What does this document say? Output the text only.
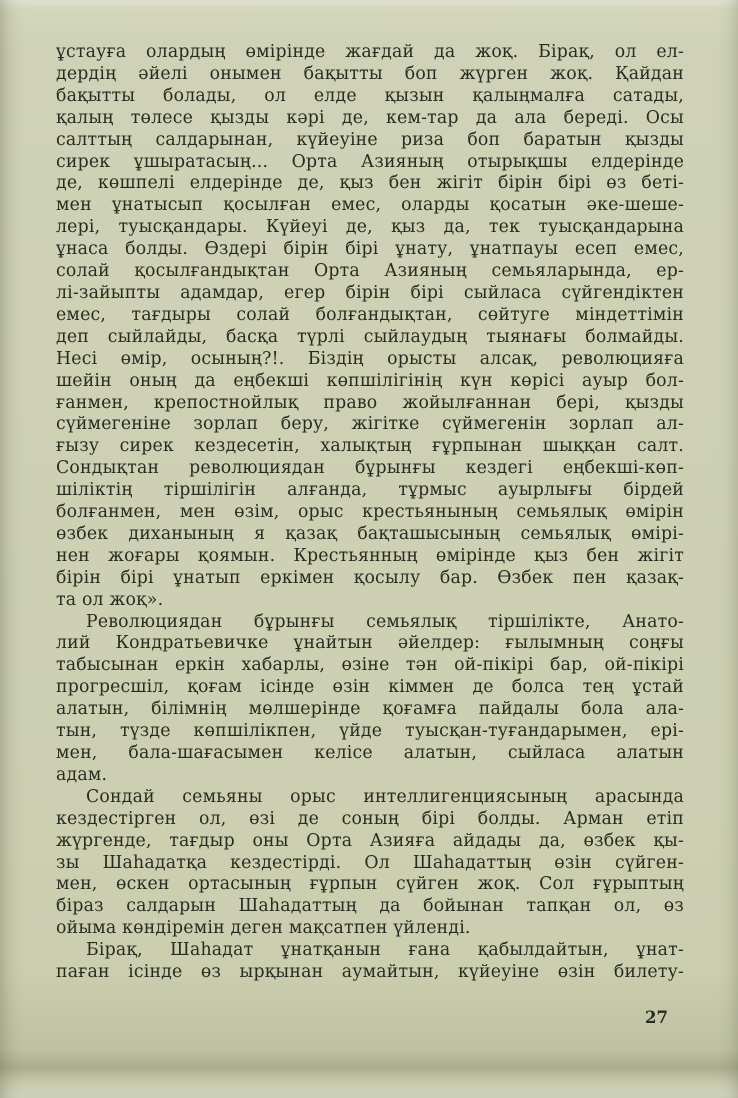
ұстауға олардың өмірінде жағдай да жоқ. Бірақ, ол ел-
дердің әйелі онымен бақытты боп жүрген жоқ. Қайдан
бақытты болады, ол елде қызын қалыңмалға сатады,
қалың төлесе қызды кәрі де, кем-тар да ала береді. Осы
салттың салдарынан, күйеуіне риза боп баратын қызды
сирек ұшыратасың... Орта Азияның отырықшы елдерінде
де, көшпелі елдерінде де, қыз бен жігіт бірін бірі өз беті-
мен ұнатысып қосылған емес, оларды қосатын әке-шеше-
лері, туысқандары. Күйеуі де, қыз да, тек туысқандарына
ұнаса болды. Өздері бірін бірі ұнату, ұнатпауы есеп емес,
солай қосылғандықтан Орта Азияның семьяларында, ер-
лі-зайыпты адамдар, егер бірін бірі сыйласа сүйгендіктен
емес, тағдыры солай болғандықтан, сөйтуге міндеттімін
деп сыйлайды, басқа түрлі сыйлаудың тыянағы болмайды.
Несі өмір, осының?!. Біздің орысты алсақ, революцияға
шейін оның да еңбекші көпшілігінің күн көрісі ауыр бол-
ғанмен, крепостнойлық право жойылғаннан бері, қызды
сүймегеніне зорлап беру, жігітке сүймегенін зорлап ал-
ғызу сирек кездесетін, халықтың ғұрпынан шыққан салт.
Сондықтан революциядан бұрынғы кездегі еңбекші-көп-
шіліктің тіршілігін алғанда, тұрмыс ауырлығы бірдей
болғанмен, мен өзім, орыс крестьянының семьялық өмірін
өзбек диханының я қазақ бақташысының семьялық өмірі-
нен жоғары қоямын. Крестьянның өмірінде қыз бен жігіт
бірін бірі ұнатып еркімен қосылу бар. Өзбек пен қазақ-
та ол жоқ».
Революциядан бұрынғы семьялық тіршілікте, Анато-
лий Кондратьевичке ұнайтын әйелдер: ғылымның соңғы
табысынан еркін хабарлы, өзіне тән ой-пікірі бар, ой-пікірі
прогресшіл, қоғам ісінде өзін кіммен де болса тең ұстай
алатын, білімнің мөлшерінде қоғамға пайдалы бола ала-
тын, түзде көпшілікпен, үйде туысқан-туғандарымен, ері-
мен, бала-шағасымен келісе алатын, сыйласа алатын
адам.
Сондай семьяны орыс интеллигенциясының арасында
кездестірген ол, өзі де соның бірі болды. Арман етіп
жүргенде, тағдыр оны Орта Азияға айдады да, өзбек қы-
зы Шаһадатқа кездестірді. Ол Шаһадаттың өзін сүйген-
мен, өскен ортасының ғұрпын сүйген жоқ. Сол ғұрыптың
біраз салдарын Шаһадаттың да бойынан тапқан ол, өз
ойыма көндіремін деген мақсатпен үйленді.
Бірақ, Шаһадат ұнатқанын ғана қабылдайтын, ұнат-
паған ісінде өз ырқынан аумайтын, күйеуіне өзін билету-
27
